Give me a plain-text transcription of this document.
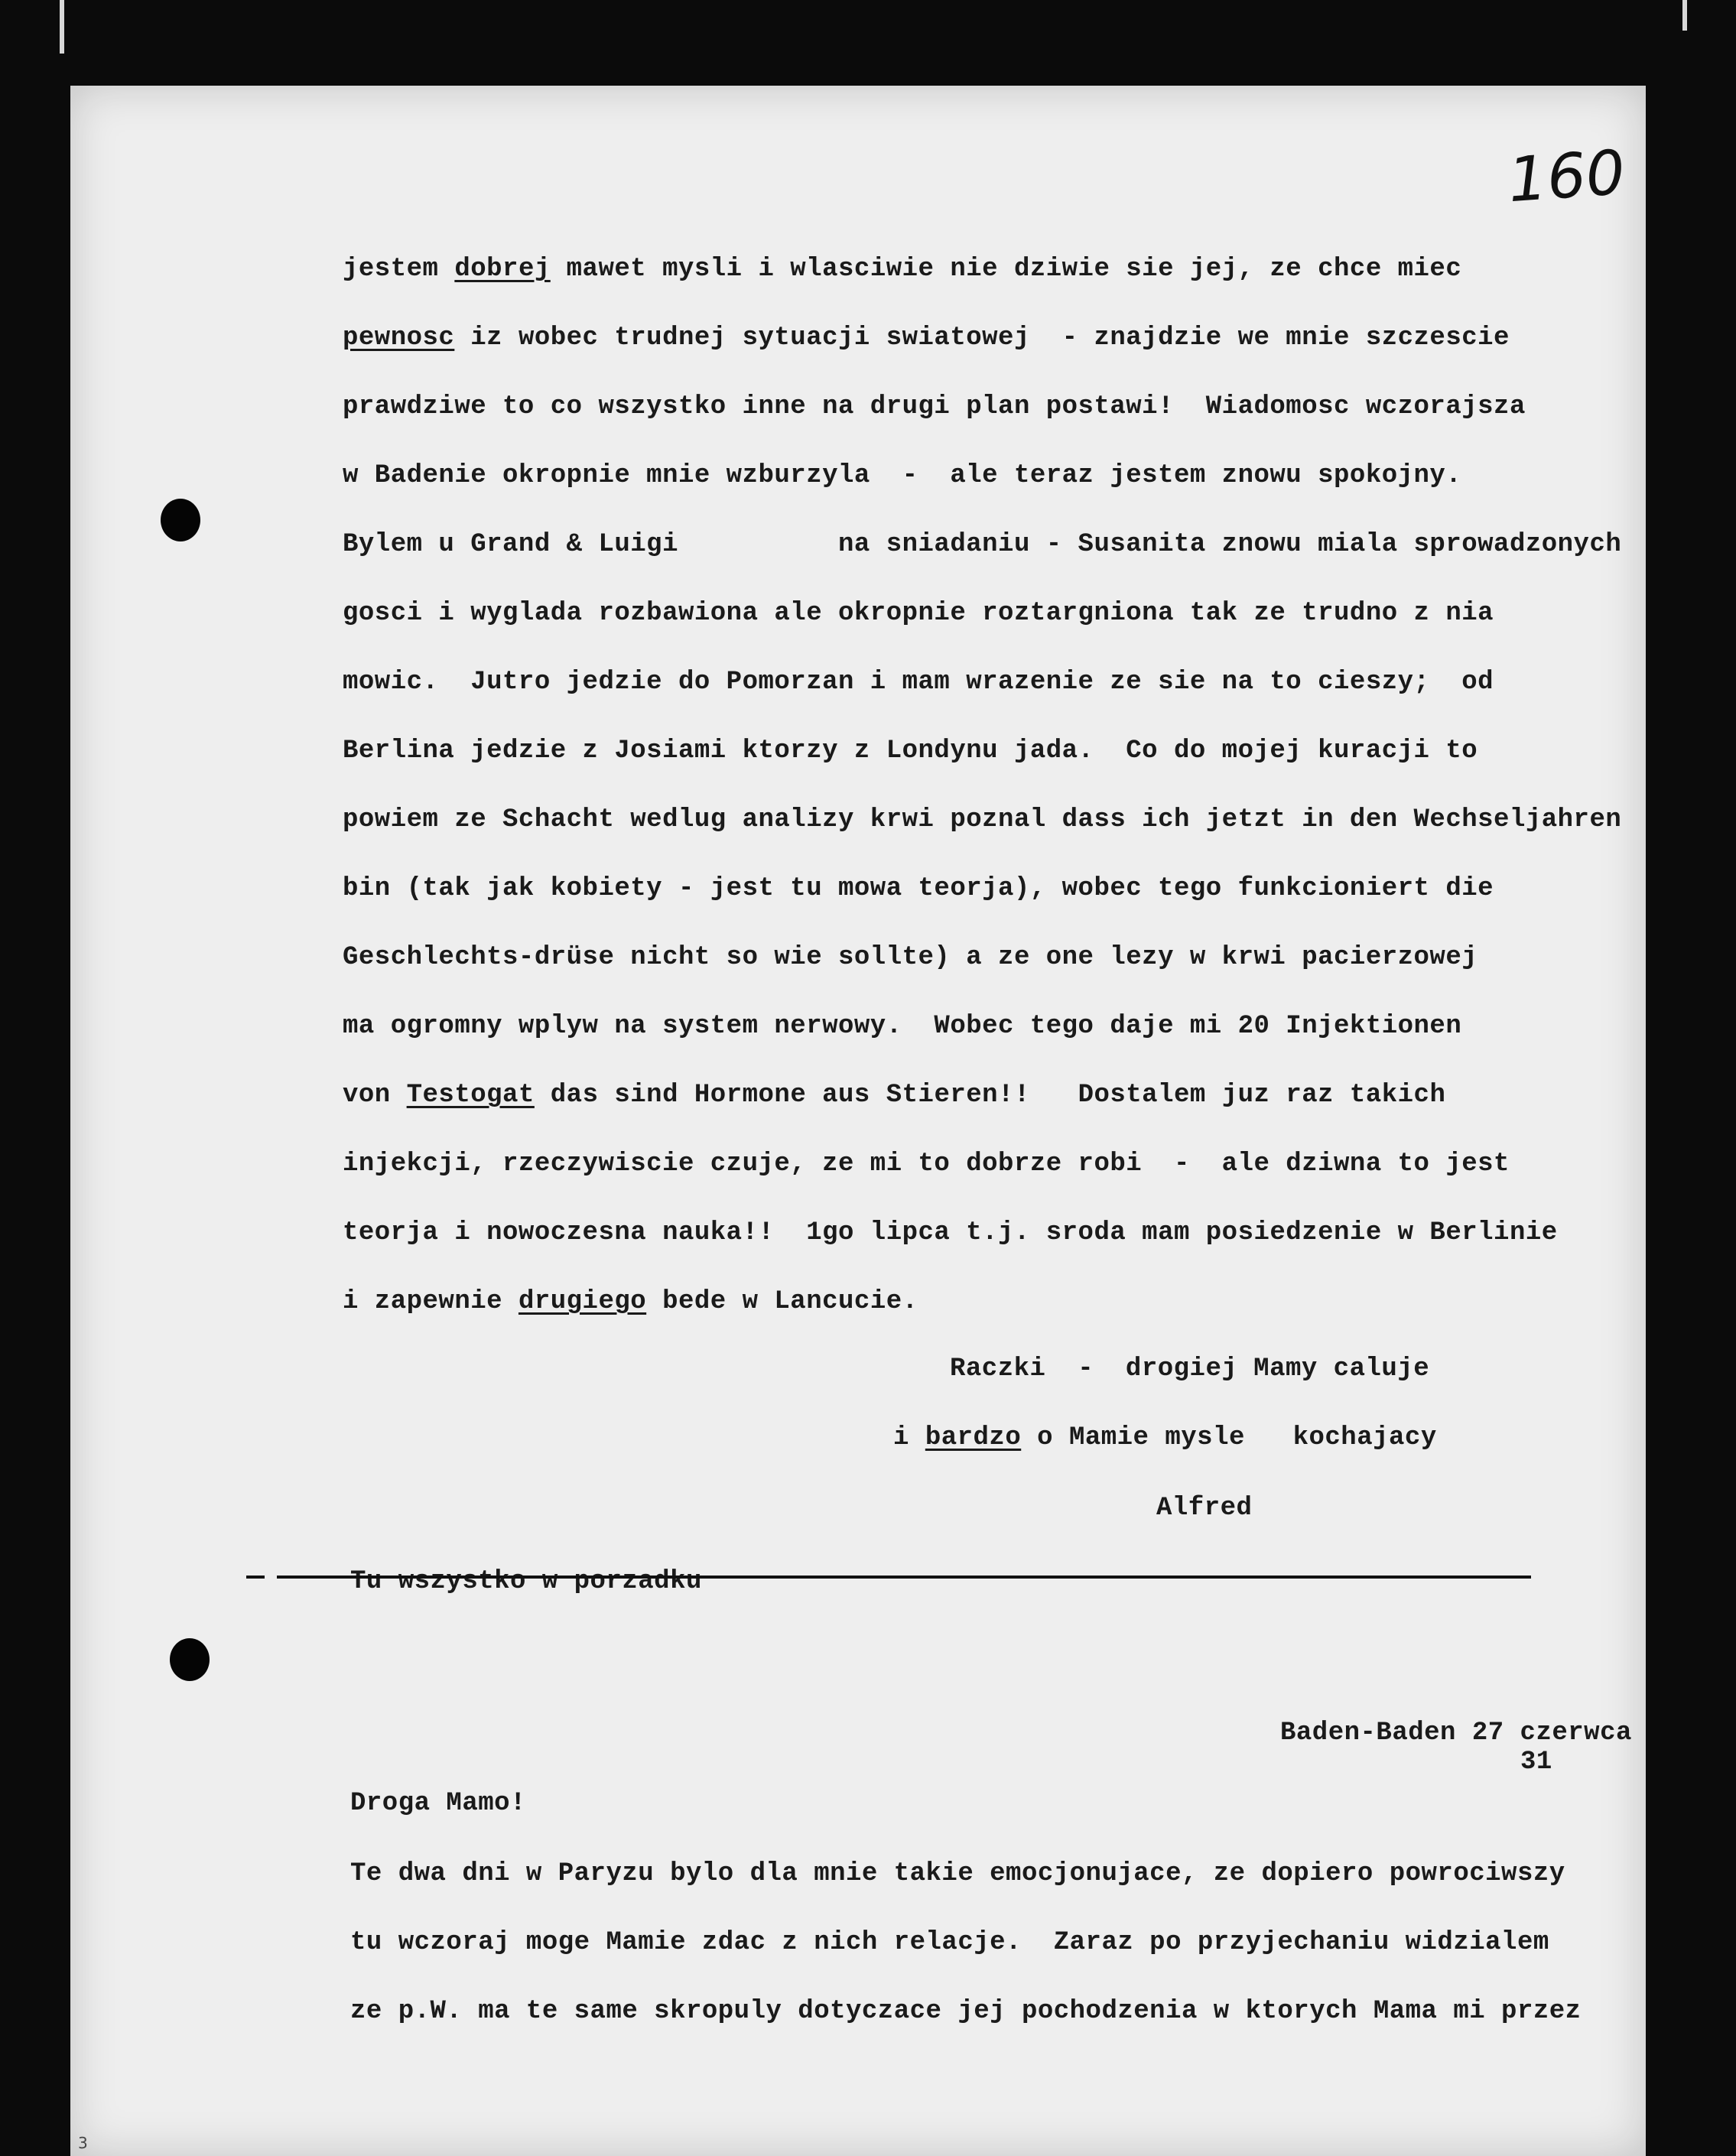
160
jestem dobrej mawet mysli i wlasciwie nie dziwie sie jej, ze chce miec
pewnosc iz wobec trudnej sytuacji swiatowej  - znajdzie we mnie szczescie
prawdziwe to co wszystko inne na drugi plan postawi!  Wiadomosc wczorajsza
w Badenie okropnie mnie wzburzyla  -  ale teraz jestem znowu spokojny.
Bylem u Grand & Luigi          na sniadaniu - Susanita znowu miala sprowadzonych
gosci i wyglada rozbawiona ale okropnie roztargniona tak ze trudno z nia
mowic.  Jutro jedzie do Pomorzan i mam wrazenie ze sie na to cieszy;  od
Berlina jedzie z Josiami ktorzy z Londynu jada.  Co do mojej kuracji to
powiem ze Schacht wedlug analizy krwi poznal dass ich jetzt in den Wechseljahren
bin (tak jak kobiety - jest tu mowa teorja), wobec tego funkcioniert die
Geschlechts-drüse nicht so wie sollte) a ze one lezy w krwi pacierzowej
ma ogromny wplyw na system nerwowy.  Wobec tego daje mi 20 Injektionen
von Testogat das sind Hormone aus Stieren!!   Dostalem juz raz takich
injekcji, rzeczywiscie czuje, ze mi to dobrze robi  -  ale dziwna to jest
teorja i nowoczesna nauka!!  1go lipca t.j. sroda mam posiedzenie w Berlinie
i zapewnie drugiego bede w Lancucie.
Raczki  -  drogiej Mamy caluje
i bardzo o Mamie mysle   kochajacy
Alfred
Tu wszystko w porzadku
Baden-Baden 27 czerwca
31
Droga Mamo!
Te dwa dni w Paryzu bylo dla mnie takie emocjonujace, ze dopiero powrociwszy
tu wczoraj moge Mamie zdac z nich relacje.  Zaraz po przyjechaniu widzialem
ze p.W. ma te same skropuly dotyczace jej pochodzenia w ktorych Mama mi przez
3
